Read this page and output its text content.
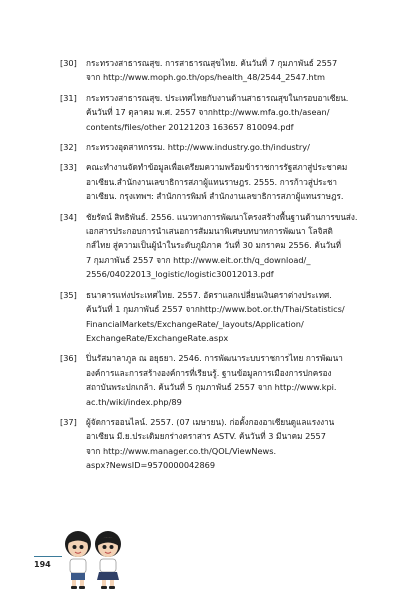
[30]	กระทรวงสาธารณสุข. การสาธารณสุขไทย. ค้นวันที่ 7 กุมภาพันธ์ 2557
จาก http://www.moph.go.th/ops/health_48/2544_2547.htm
[31]	กระทรวงสาธารณสุข. ประเทศไทยกับงานด้านสาธารณสุขในกรอบอาเซียน.
ค้นวันที่ 17 ตุลาคม พ.ศ. 2557 จากhttp://www.mfa.go.th/asean/
contents/files/other 20121203 163657 810094.pdf
[32]	กระทรวงอุตสาหกรรม. http://www.industry.go.th/industry/
[33]	คณะทำงานจัดทำข้อมูลเพื่อเตรียมความพร้อมข้าราชการรัฐสภาสู่ประชาคม
อาเซียน.สำนักงานเลขาธิการสภาผู้แทนราษฎร. 2555. การก้าวสู่ประชา
อาเซียน. กรุงเทพฯ: สำนักการพิมพ์ สำนักงานเลขาธิการสภาผู้แทนราษฎร.
[34]	ชัยรัตน์ สิทธิพันธ์. 2556. แนวทางการพัฒนาโครงสร้างพื้นฐานด้านการขนส่ง.
เอกสารประกอบการนำเสนอการสัมมนาพิเศษบทบาทการพัฒนา โลจิสติ
กส์ไทย สู่ความเป็นผู้นำในระดับภูมิภาค วันที่ 30 มกราคม 2556. ค้นวันที่
7 กุมภาพันธ์ 2557 จาก http://www.eit.or.th/q_download/_
2556/04022013_logistic/logistic30012013.pdf
[35]	ธนาคารแห่งประเทศไทย. 2557. อัตราแลกเปลี่ยนเงินตราต่างประเทศ.
ค้นวันที่ 1 กุมภาพันธ์ 2557 จากhttp://www.bot.or.th/Thai/Statistics/
FinancialMarkets/ExchangeRate/_layouts/Application/
ExchangeRate/ExchangeRate.aspx
[36]	ปิ่นรัสมาลาภูล ณ อยุธยา. 2546. การพัฒนาระบบราชการไทย การพัฒนา
องค์การและการสร้างองค์การที่เรียนรู้. ฐานข้อมูลการเมืองการปกครอง
สถาบันพระปกเกล้า. ค้นวันที่ 5 กุมภาพันธ์ 2557 จาก http://www.kpi.
ac.th/wiki/index.php/89
[37]	ผู้จัดการออนไลน์. 2557. (07 เมษายน). ก่อตั้งกองอาเซียนดูแลแรงงาน
อาเซียน มี.ย.ประเดิมยกร่างตราสาร ASTV. ค้นวันที่ 3 มีนาคม 2557
จาก http://www.manager.co.th/QOL/ViewNews.
aspx?NewsID=9570000042869
194
